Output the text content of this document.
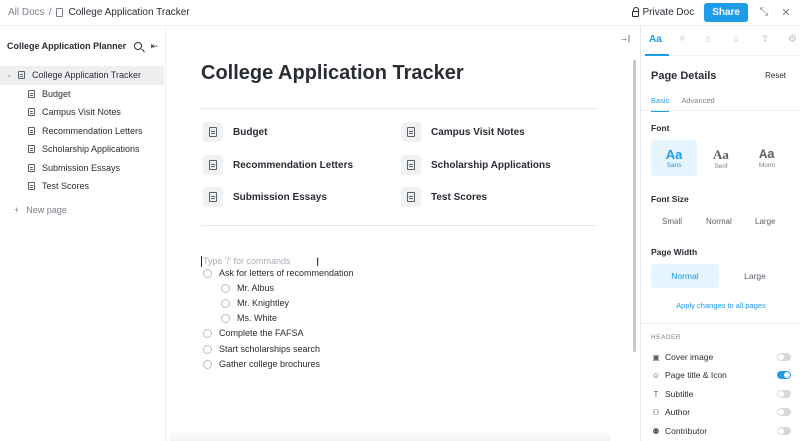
All Docs / College Application Tracker	Private Doc	Share	⤡ ✕
College Application Planner	⇤
⌄ College Application Tracker
Budget
Campus Visit Notes
Recommendation Letters
Scholarship Applications
Submission Essays
Test Scores
+ New page
College Application Tracker
Budget	Campus Visit Notes
Recommendation Letters	Scholarship Applications
Submission Essays	Test Scores
Type '/' for commands I
Ask for letters of recommendation
Mr. Albus
Mr. Knightley
Ms. White
Complete the FAFSA
Start scholarships search
Gather college brochures
→| Aa ✧ ⌂ ○ ⇪ ⚙
Page Details	Reset
Basic Advanced
Font
Aa
Sans
Aa
Serif
Aa
Mono
Font Size
Small	Normal	Large
Page Width
Normal	Large
Apply changes to all pages
HEADER
▣ Cover image
☺ Page title & Icon
T Subtitle
⚇ Author
⚉ Contributor
